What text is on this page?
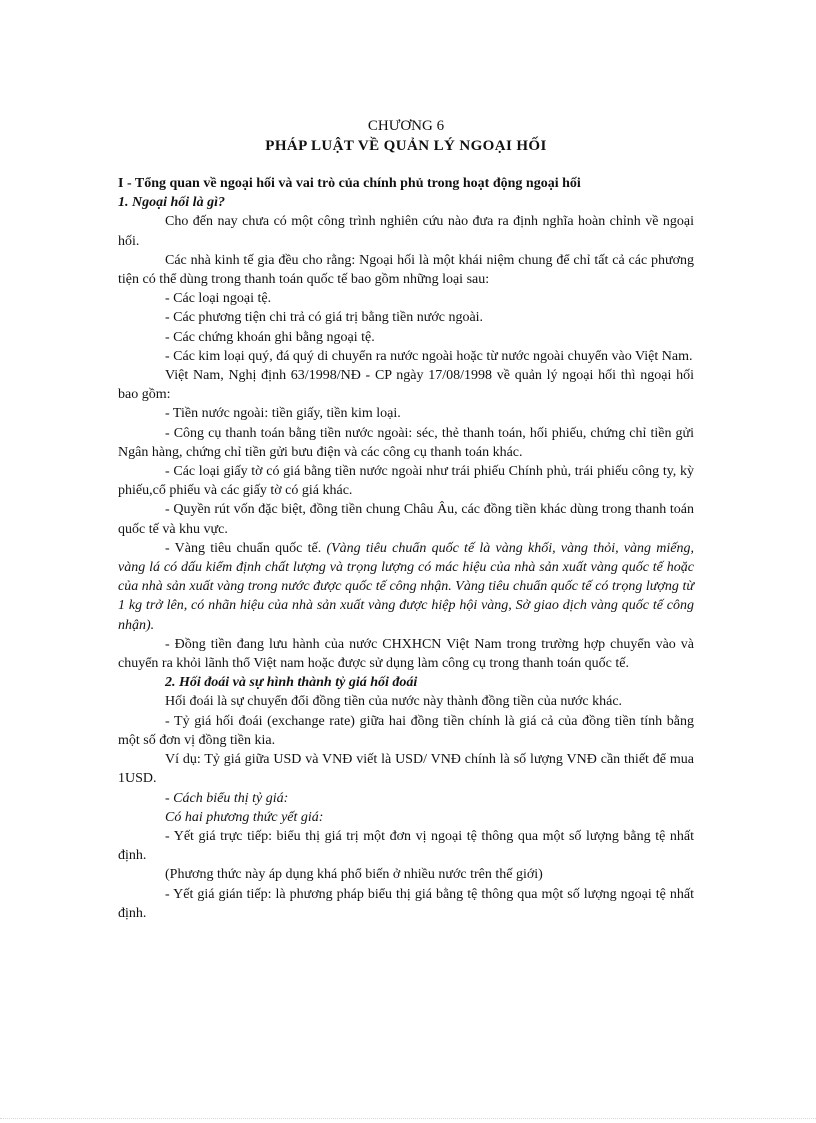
CHƯƠNG 6
PHÁP LUẬT VỀ QUẢN LÝ NGOẠI HỐI

I - Tổng quan về ngoại hối và vai trò của chính phủ trong hoạt động ngoại hối

1. Ngoại hối là gì?

Cho đến nay chưa có một công trình nghiên cứu nào đưa ra định nghĩa hoàn chỉnh về ngoại hối.

Các nhà kinh tế gia đều cho rằng: Ngoại hối là một khái niệm chung để chỉ tất cả các phương tiện có thể dùng trong thanh toán quốc tế bao gồm những loại sau:

- Các loại ngoại tệ.

- Các phương tiện chi trả có giá trị bằng tiền nước ngoài.

- Các chứng khoán ghi bằng ngoại tệ.

- Các kim loại quý, đá quý di chuyển ra nước ngoài hoặc từ nước ngoài chuyển vào Việt Nam.

Việt Nam, Nghị định 63/1998/NĐ - CP ngày 17/08/1998 về quản lý ngoại hối thì ngoại hối bao gồm:

- Tiền nước ngoài: tiền giấy, tiền kim loại.

- Công cụ thanh toán bằng tiền nước ngoài: séc, thẻ thanh toán, hối phiếu, chứng chỉ tiền gửi Ngân hàng, chứng chỉ tiền gửi bưu điện và các công cụ thanh toán khác.

- Các loại giấy tờ có giá bằng tiền nước ngoài như trái phiếu Chính phủ, trái phiếu công ty, kỳ phiếu,cổ phiếu và các giấy tờ có giá khác.

- Quyền rút vốn đặc biệt, đồng tiền chung Châu Âu, các đồng tiền khác dùng trong thanh toán quốc tế và khu vực.

- Vàng tiêu chuẩn quốc tế. (Vàng tiêu chuẩn quốc tế là vàng khối, vàng thỏi, vàng miếng, vàng lá có dấu kiểm định chất lượng và trọng lượng có mác hiệu của nhà sản xuất vàng quốc tế hoặc của nhà sản xuất vàng trong nước được quốc tế công nhận. Vàng tiêu chuẩn quốc tế có trọng lượng từ 1 kg trở lên, có nhãn hiệu của nhà sản xuất vàng được hiệp hội vàng, Sở giao dịch vàng quốc tế công nhận).

- Đồng tiền đang lưu hành của nước CHXHCN Việt Nam trong trường hợp chuyển vào và chuyển ra khỏi lãnh thổ Việt nam hoặc được sử dụng làm công cụ trong thanh toán quốc tế.

2. Hối đoái và sự hình thành tỷ giá hối đoái

Hối đoái là sự chuyển đổi đồng tiền của nước này thành đồng tiền của nước khác.

- Tỷ giá hối đoái (exchange rate) giữa hai đồng tiền chính là giá cả của đồng tiền tính bằng một số đơn vị đồng tiền kia.

Ví dụ: Tỷ giá giữa USD và VNĐ viết là USD/ VNĐ chính là số lượng VNĐ cần thiết để mua 1USD.

- Cách biểu thị tỷ giá:

Có hai phương thức yết giá:

- Yết giá trực tiếp: biểu thị giá trị một đơn vị ngoại tệ thông qua một số lượng bằng tệ nhất định.

(Phương thức này áp dụng khá phổ biến ở nhiều nước trên thế giới)

- Yết giá gián tiếp: là phương pháp biểu thị giá bằng tệ thông qua một số lượng ngoại tệ nhất định.
